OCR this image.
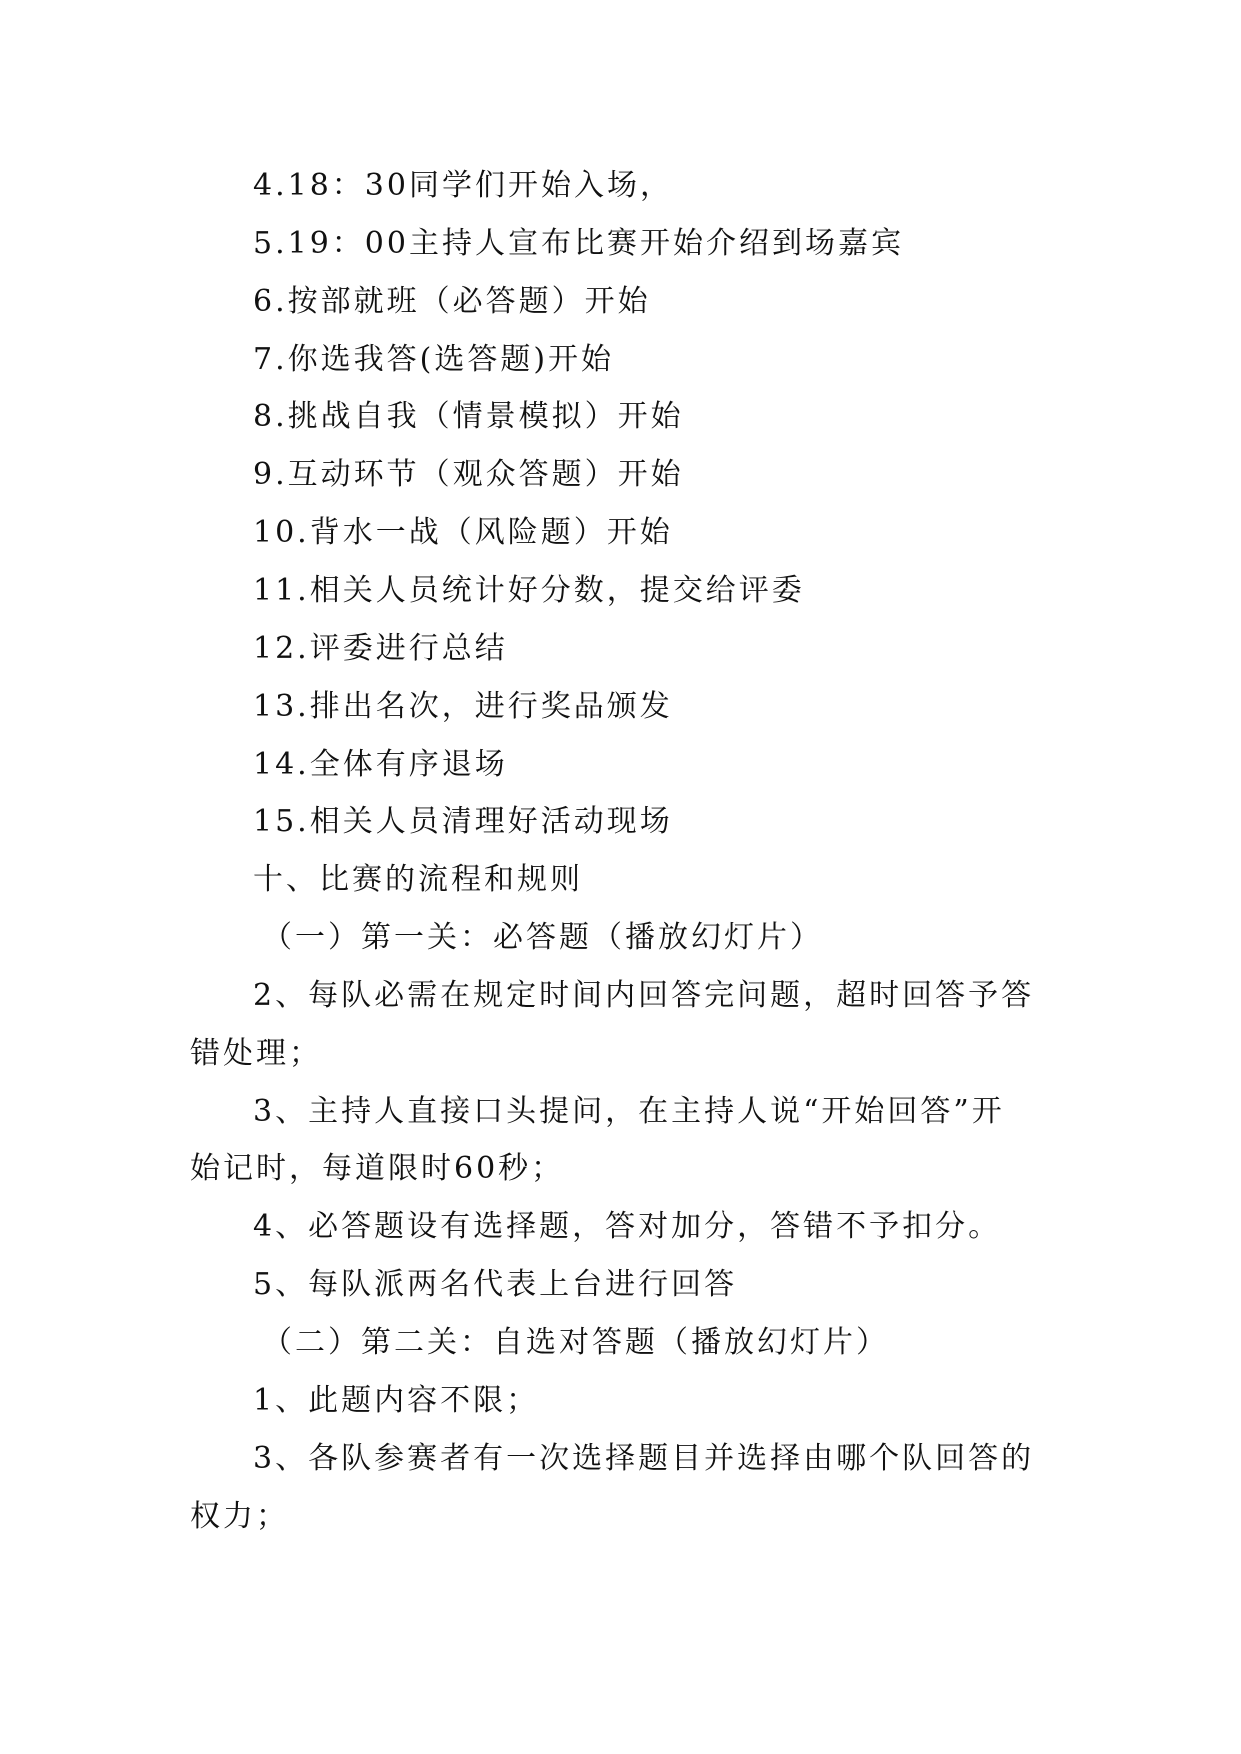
4.18：30同学们开始入场，
5.19：00主持人宣布比赛开始介绍到场嘉宾
6.按部就班（必答题）开始
7.你选我答(选答题)开始
8.挑战自我（情景模拟）开始
9.互动环节（观众答题）开始
10.背水一战（风险题）开始
11.相关人员统计好分数，提交给评委
12.评委进行总结
13.排出名次，进行奖品颁发
14.全体有序退场
15.相关人员清理好活动现场
十、比赛的流程和规则
（一）第一关：必答题（播放幻灯片）
2、每队必需在规定时间内回答完问题，超时回答予答
错处理；
3、主持人直接口头提问，在主持人说“开始回答”开
始记时，每道限时60秒；
4、必答题设有选择题，答对加分，答错不予扣分。
5、每队派两名代表上台进行回答
（二）第二关：自选对答题（播放幻灯片）
1、此题内容不限；
3、各队参赛者有一次选择题目并选择由哪个队回答的
权力；
